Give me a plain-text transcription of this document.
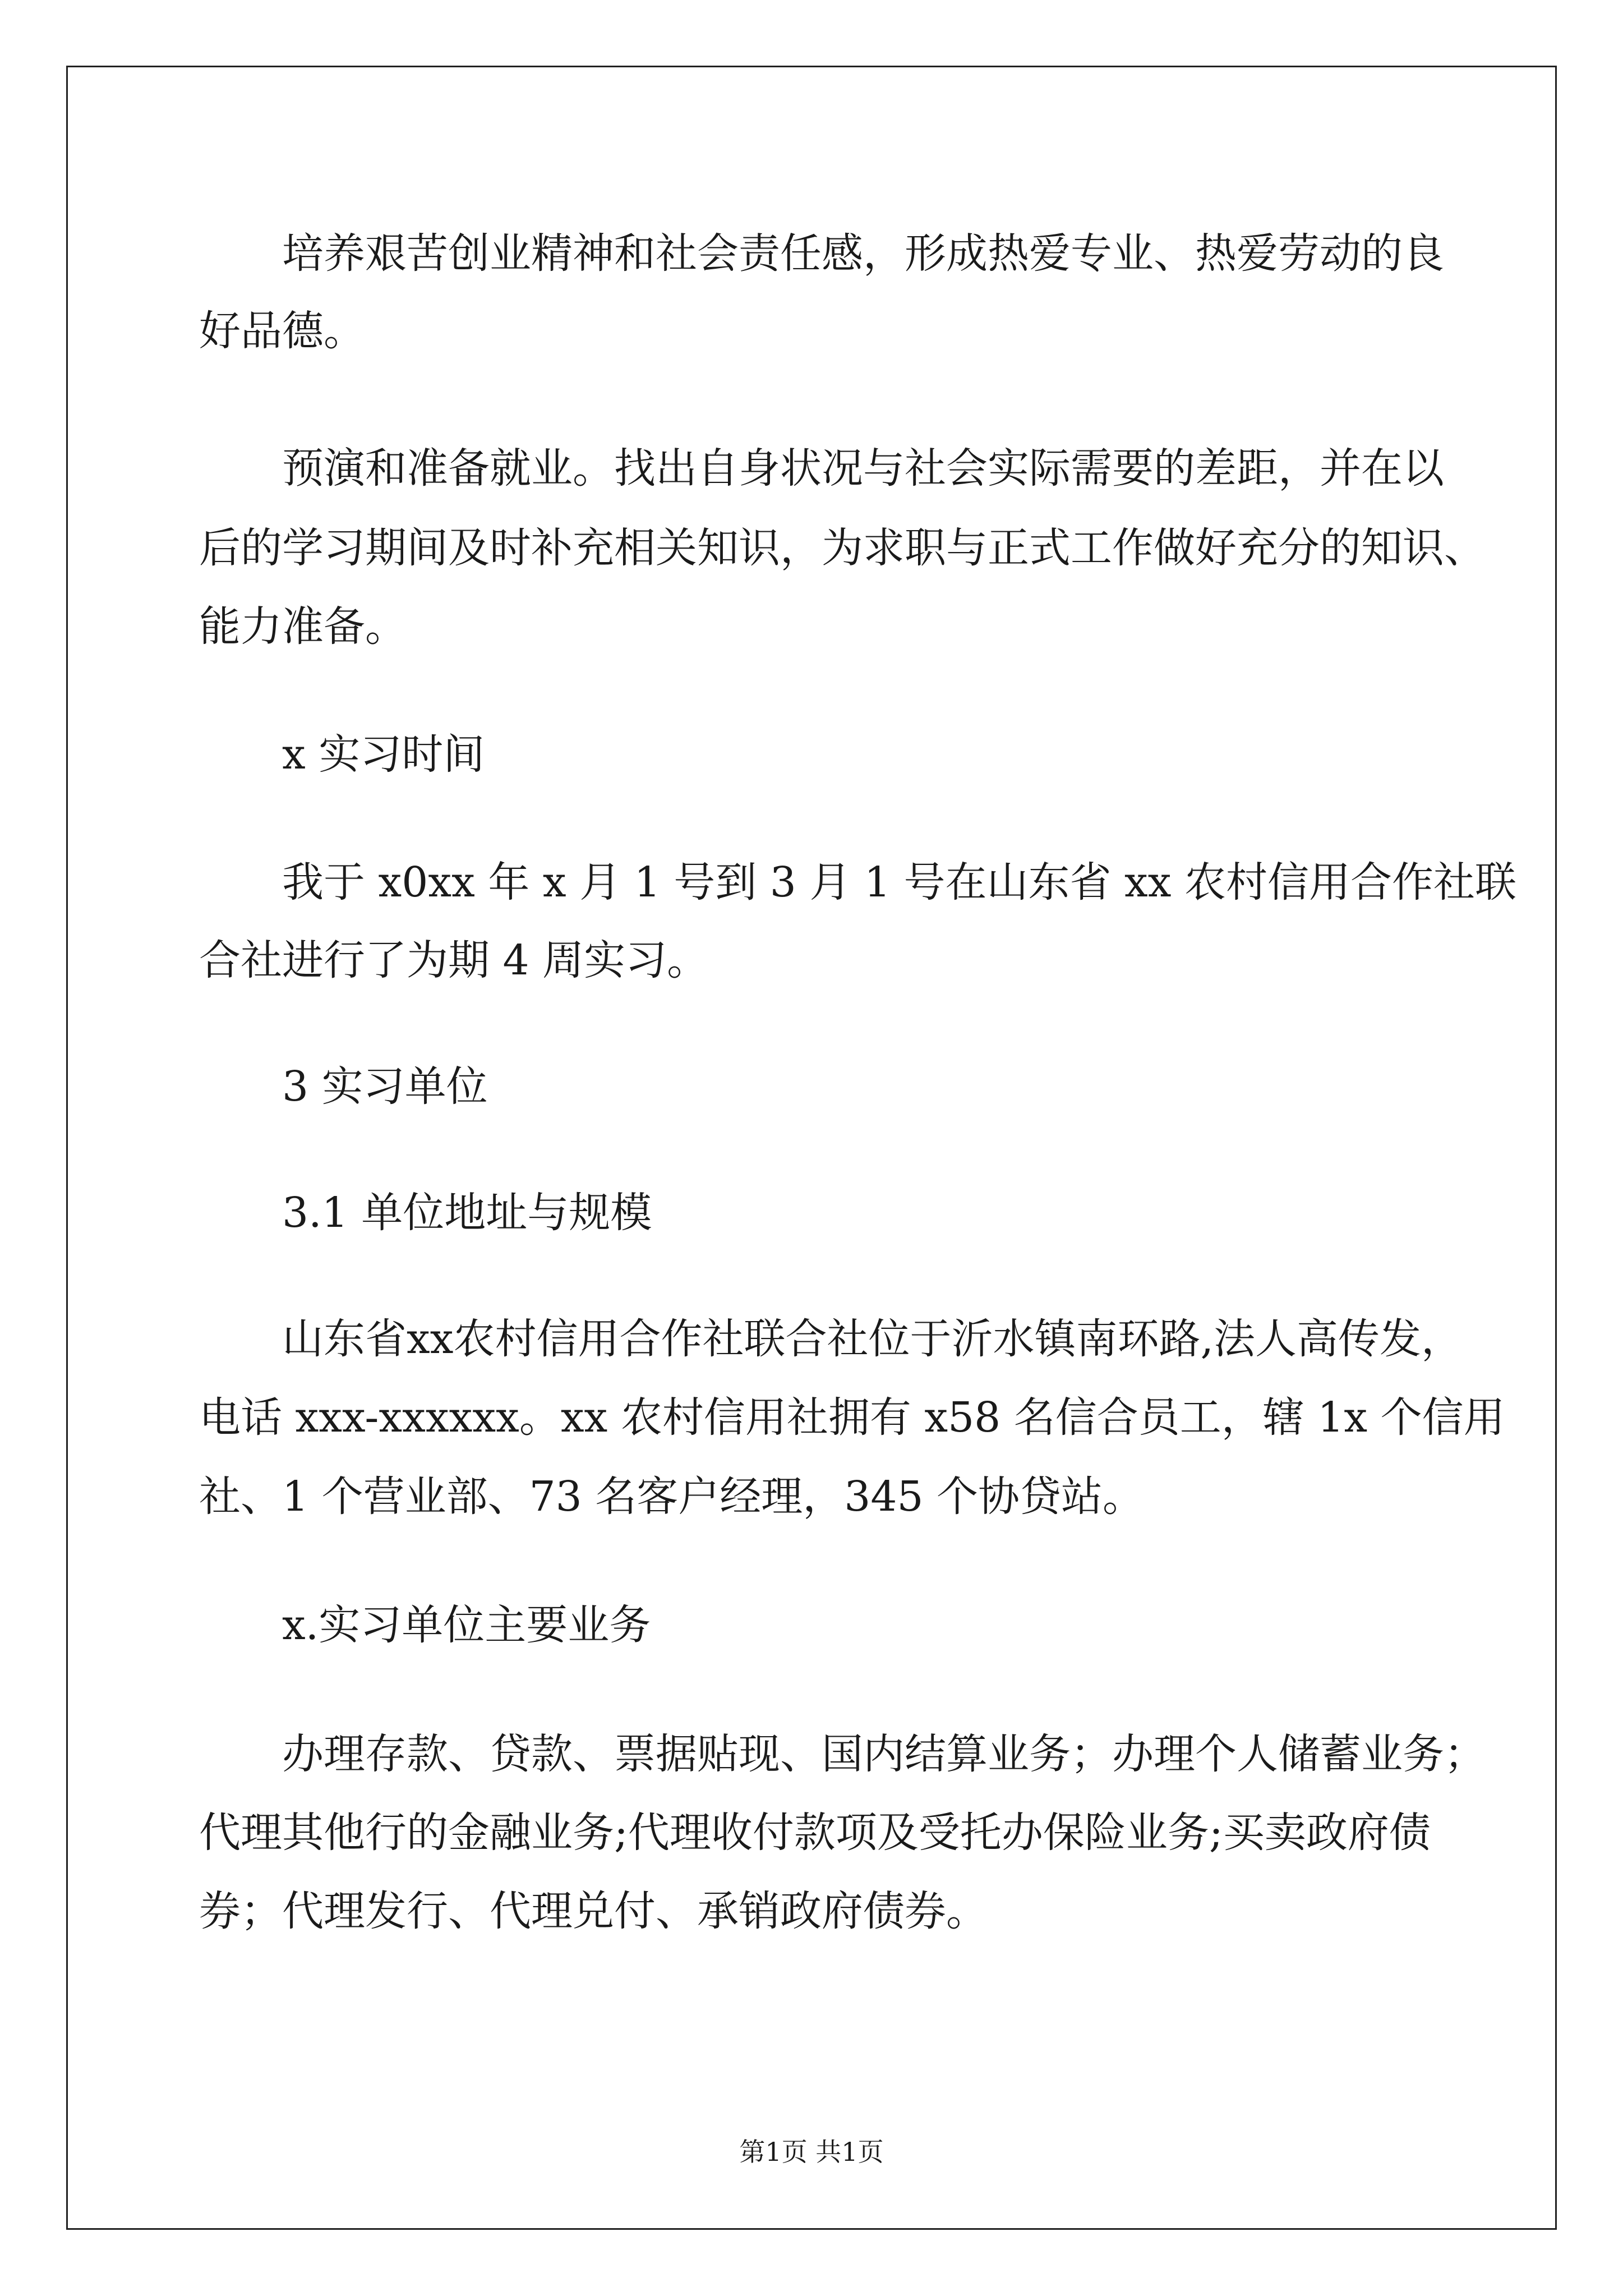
培养艰苦创业精神和社会责任感，形成热爱专业、热爱劳动的良
好品德。
预演和准备就业。找出自身状况与社会实际需要的差距，并在以
后的学习期间及时补充相关知识，为求职与正式工作做好充分的知识、
能力准备。
x 实习时间
我于 x0xx 年 x 月 1 号到 3 月 1 号在山东省 xx 农村信用合作社联
合社进行了为期 4 周实习。
3 实习单位
3.1 单位地址与规模
山东省xx农村信用合作社联合社位于沂水镇南环路,法人高传发，
电话 xxx-xxxxxx。xx 农村信用社拥有 x58 名信合员工，辖 1x 个信用
社、1 个营业部、73 名客户经理，345 个协贷站。
x.实习单位主要业务
办理存款、贷款、票据贴现、国内结算业务；办理个人储蓄业务；
代理其他行的金融业务;代理收付款项及受托办保险业务;买卖政府债
券；代理发行、代理兑付、承销政府债券。
第1页 共1页
